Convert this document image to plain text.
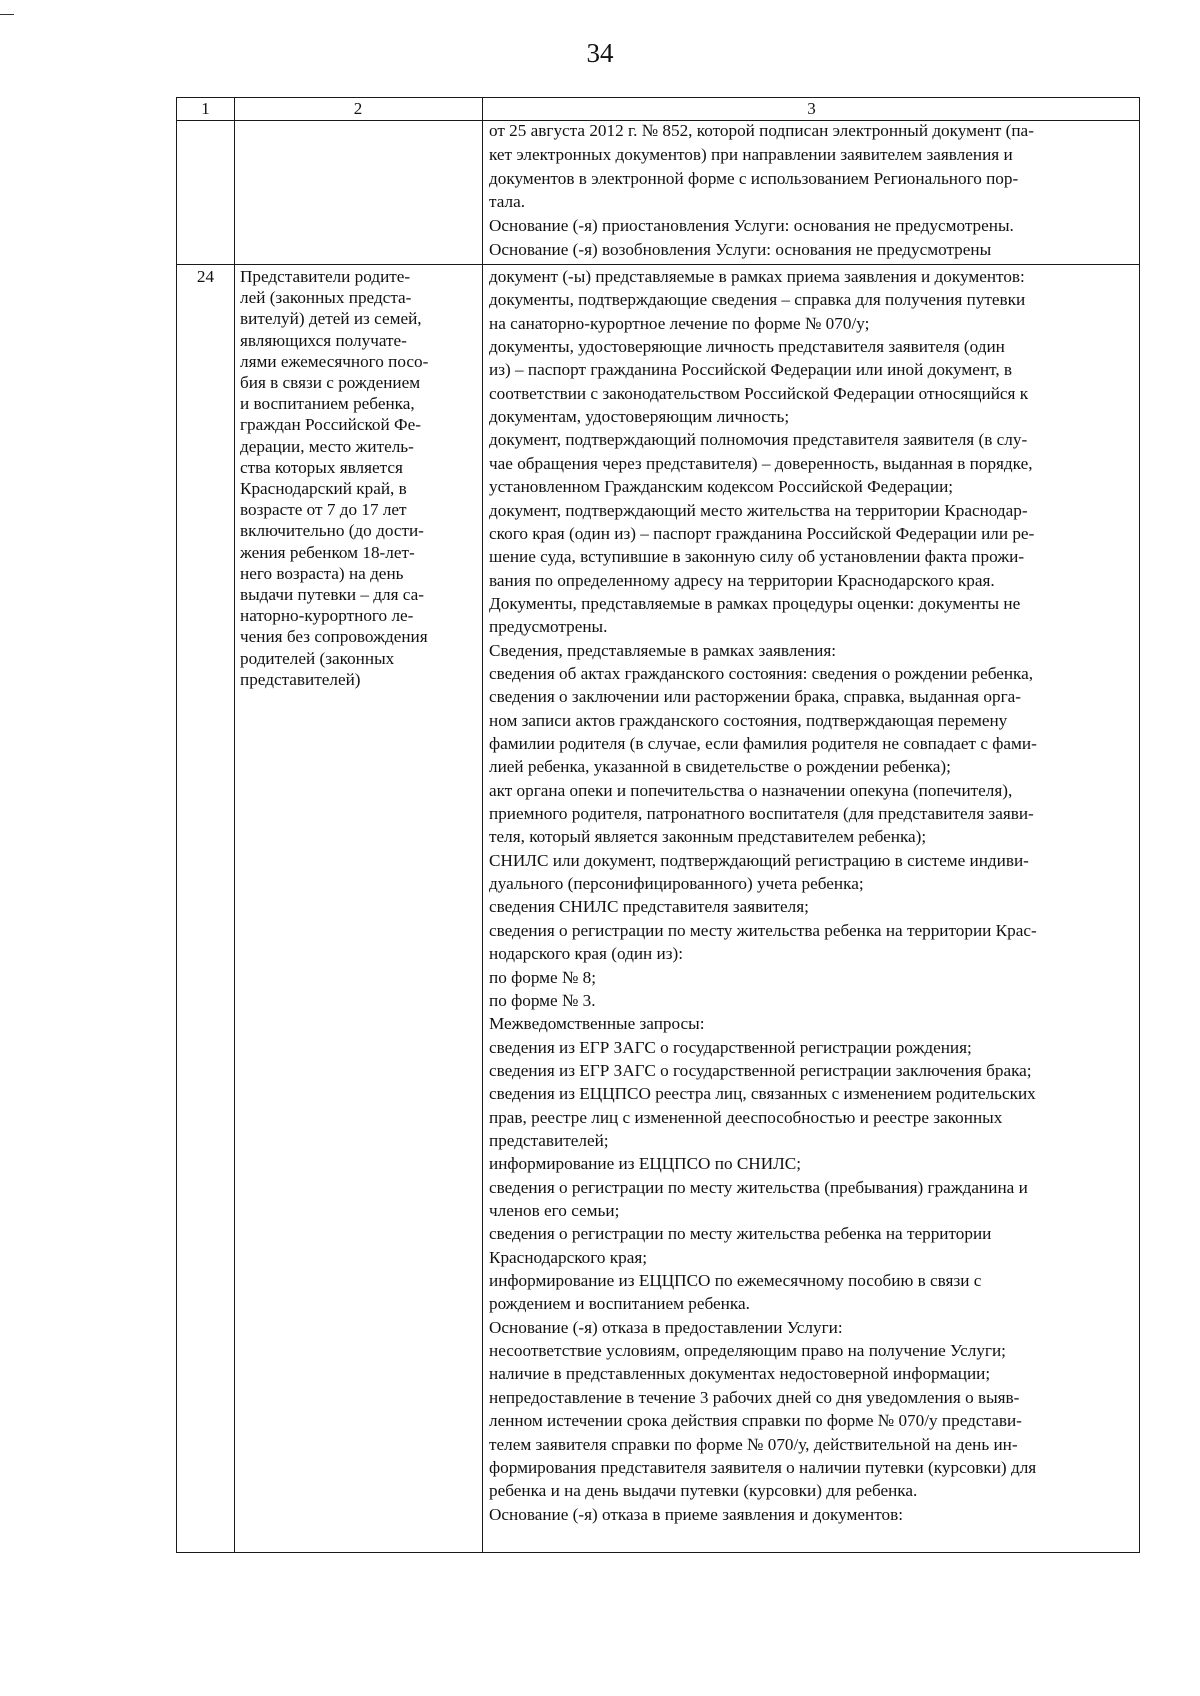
34
1	2	3
24
от 25 августа 2012 г. № 852, которой подписан электронный документ (па-
кет электронных документов) при направлении заявителем заявления и
документов в электронной форме с использованием Регионального пор-
тала.
Основание (-я) приостановления Услуги: основания не предусмотрены.
Основание (-я) возобновления Услуги: основания не предусмотрены
Представители родите-
лей (законных предста-
вителуй) детей из семей,
являющихся получате-
лями ежемесячного посо-
бия в связи с рождением
и воспитанием ребенка,
граждан Российской Фе-
дерации, место житель-
ства которых является
Краснодарский край, в
возрасте от 7 до 17 лет
включительно (до дости-
жения ребенком 18-лет-
него возраста) на день
выдачи путевки – для са-
наторно-курортного ле-
чения без сопровождения
родителей (законных
представителей)
документ (-ы) представляемые в рамках приема заявления и документов:
документы, подтверждающие сведения – справка для получения путевки
на санаторно-курортное лечение по форме № 070/у;
документы, удостоверяющие личность представителя заявителя (один
из) – паспорт гражданина Российской Федерации или иной документ, в
соответствии с законодательством Российской Федерации относящийся к
документам, удостоверяющим личность;
документ, подтверждающий полномочия представителя заявителя (в слу-
чае обращения через представителя) – доверенность, выданная в порядке,
установленном Гражданским кодексом Российской Федерации;
документ, подтверждающий место жительства на территории Краснодар-
ского края (один из) – паспорт гражданина Российской Федерации или ре-
шение суда, вступившие в законную силу об установлении факта прожи-
вания по определенному адресу на территории Краснодарского края.
Документы, представляемые в рамках процедуры оценки: документы не
предусмотрены.
Сведения, представляемые в рамках заявления:
сведения об актах гражданского состояния: сведения о рождении ребенка,
сведения о заключении или расторжении брака, справка, выданная орга-
ном записи актов гражданского состояния, подтверждающая перемену
фамилии родителя (в случае, если фамилия родителя не совпадает с фами-
лией ребенка, указанной в свидетельстве о рождении ребенка);
акт органа опеки и попечительства о назначении опекуна (попечителя),
приемного родителя, патронатного воспитателя (для представителя заяви-
теля, который является законным представителем ребенка);
СНИЛС или документ, подтверждающий регистрацию в системе индиви-
дуального (персонифицированного) учета ребенка;
сведения СНИЛС представителя заявителя;
сведения о регистрации по месту жительства ребенка на территории Крас-
нодарского края (один из):
по форме № 8;
по форме № 3.
Межведомственные запросы:
сведения из ЕГР ЗАГС о государственной регистрации рождения;
сведения из ЕГР ЗАГС о государственной регистрации заключения брака;
сведения из ЕЦЦПСО реестра лиц, связанных с изменением родительских
прав, реестре лиц с измененной дееспособностью и реестре законных
представителей;
информирование из ЕЦЦПСО по СНИЛС;
сведения о регистрации по месту жительства (пребывания) гражданина и
членов его семьи;
сведения о регистрации по месту жительства ребенка на территории
Краснодарского края;
информирование из ЕЦЦПСО по ежемесячному пособию в связи с
рождением и воспитанием ребенка.
Основание (-я) отказа в предоставлении Услуги:
несоответствие условиям, определяющим право на получение Услуги;
наличие в представленных документах недостоверной информации;
непредоставление в течение 3 рабочих дней со дня уведомления о выяв-
ленном истечении срока действия справки по форме № 070/у представи-
телем заявителя справки по форме № 070/у, действительной на день ин-
формирования представителя заявителя о наличии путевки (курсовки) для
ребенка и на день выдачи путевки (курсовки) для ребенка.
Основание (-я) отказа в приеме заявления и документов:
